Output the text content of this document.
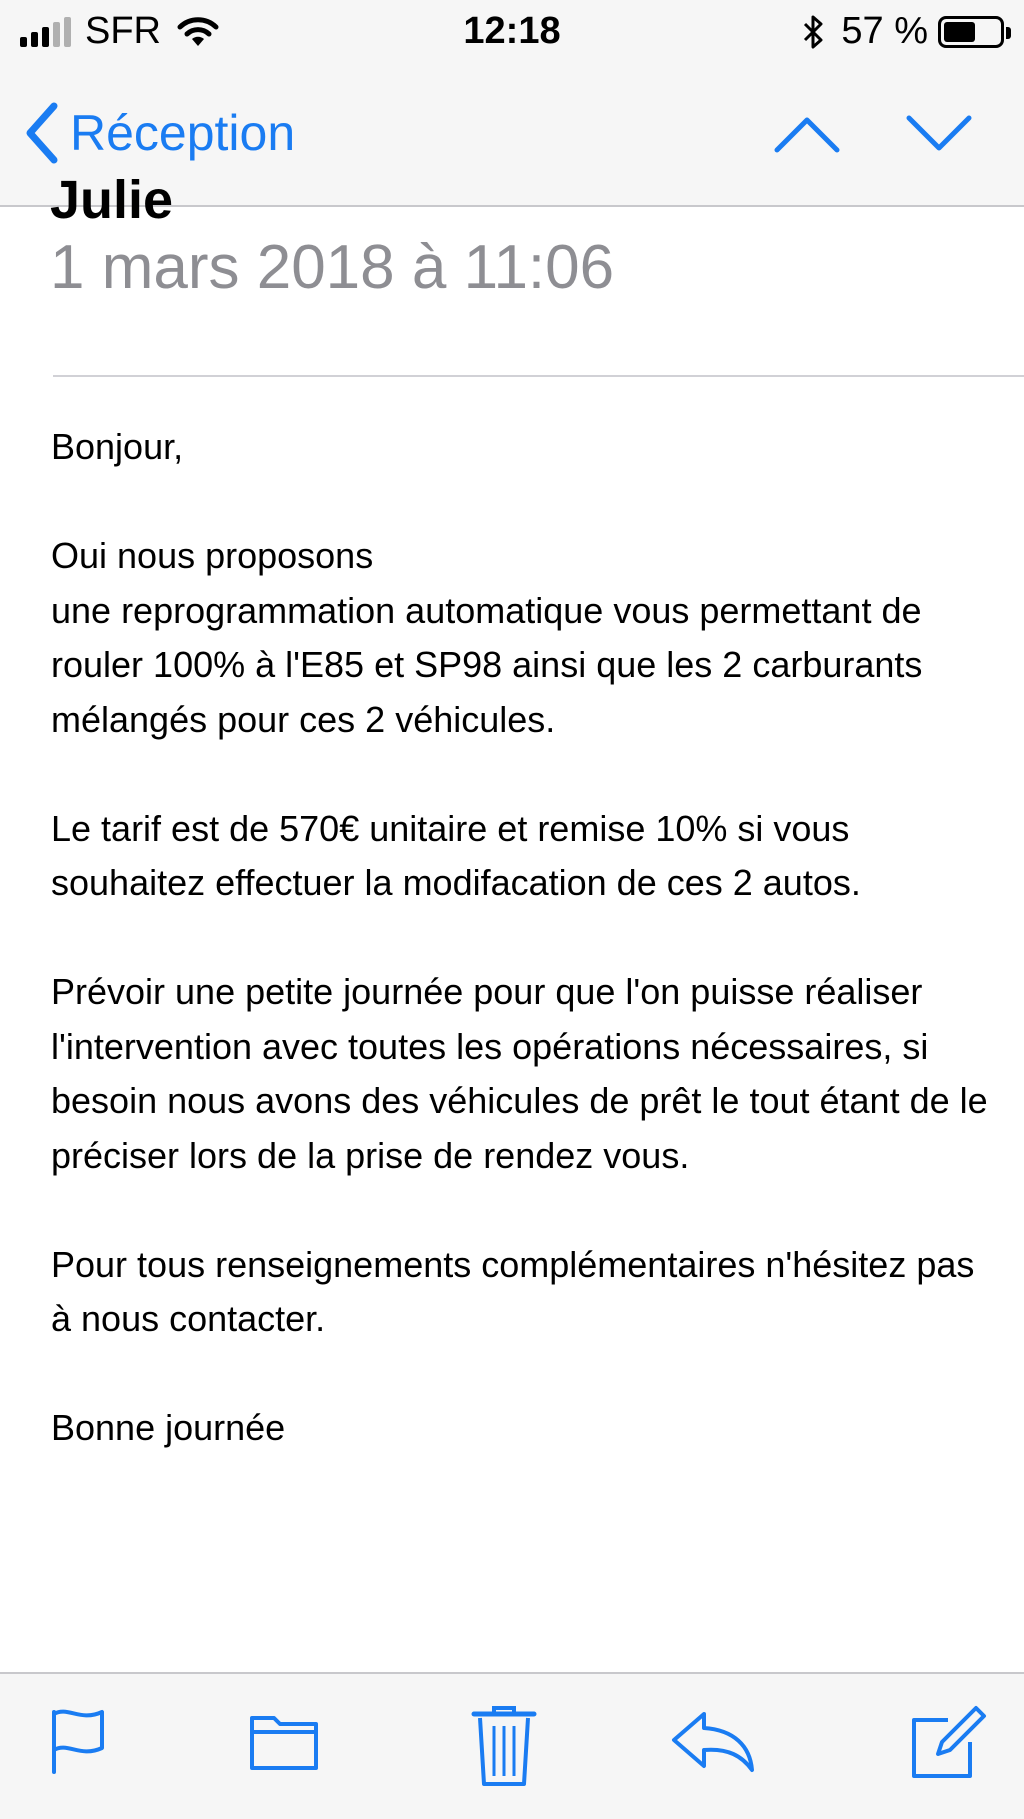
SFR	12:18	57 %
Réception
Julie
1 mars 2018 à 11:06

Bonjour,

Oui nous proposons
une reprogrammation automatique vous permettant de rouler 100% à l'E85 et SP98 ainsi que les 2 carburants mélangés pour ces 2 véhicules.

Le tarif est de 570€ unitaire et remise 10% si vous souhaitez effectuer la modifacation de ces 2 autos.

Prévoir une petite journée pour que l'on puisse réaliser l'intervention avec toutes les opérations nécessaires, si besoin nous avons des véhicules de prêt le tout étant de le préciser lors de la prise de rendez vous.

Pour tous renseignements complémentaires n'hésitez pas à nous contacter.

Bonne journée
